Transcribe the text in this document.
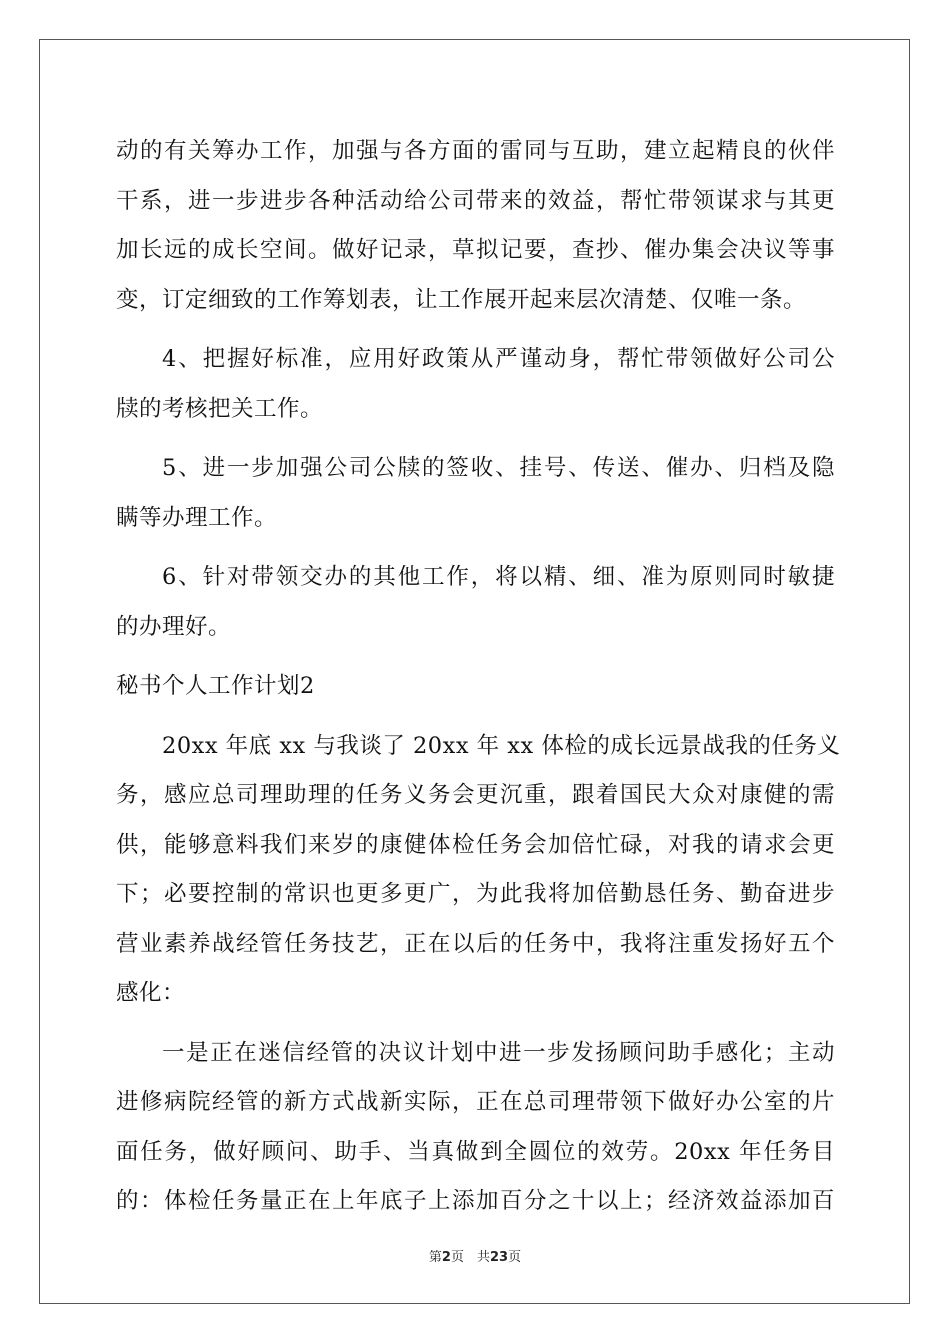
动的有关筹办工作，加强与各方面的雷同与互助，建立起精良的伙伴
干系，进一步进步各种活动给公司带来的效益，帮忙带领谋求与其更
加长远的成长空间。做好记录，草拟记要，查抄、催办集会决议等事
变，订定细致的工作筹划表，让工作展开起来层次清楚、仅唯一条。
4、把握好标准，应用好政策从严谨动身，帮忙带领做好公司公
牍的考核把关工作。
5、进一步加强公司公牍的签收、挂号、传送、催办、归档及隐
瞒等办理工作。
6、针对带领交办的其他工作，将以精、细、准为原则同时敏捷
的办理好。
秘书个人工作计划2
20xx 年底 xx 与我谈了 20xx 年 xx 体检的成长远景战我的任务义
务，感应总司理助理的任务义务会更沉重，跟着国民大众对康健的需
供，能够意料我们来岁的康健体检任务会加倍忙碌，对我的请求会更
下；必要控制的常识也更多更广，为此我将加倍勤恳任务、勤奋进步
营业素养战经管任务技艺，正在以后的任务中，我将注重发扬好五个
感化：
一是正在迷信经管的决议计划中进一步发扬顾问助手感化；主动
进修病院经管的新方式战新实际，正在总司理带领下做好办公室的片
面任务，做好顾问、助手、当真做到全圆位的效劳。20xx 年任务目
的：体检任务量正在上年底子上添加百分之十以上；经济效益添加百
第2页　共23页
